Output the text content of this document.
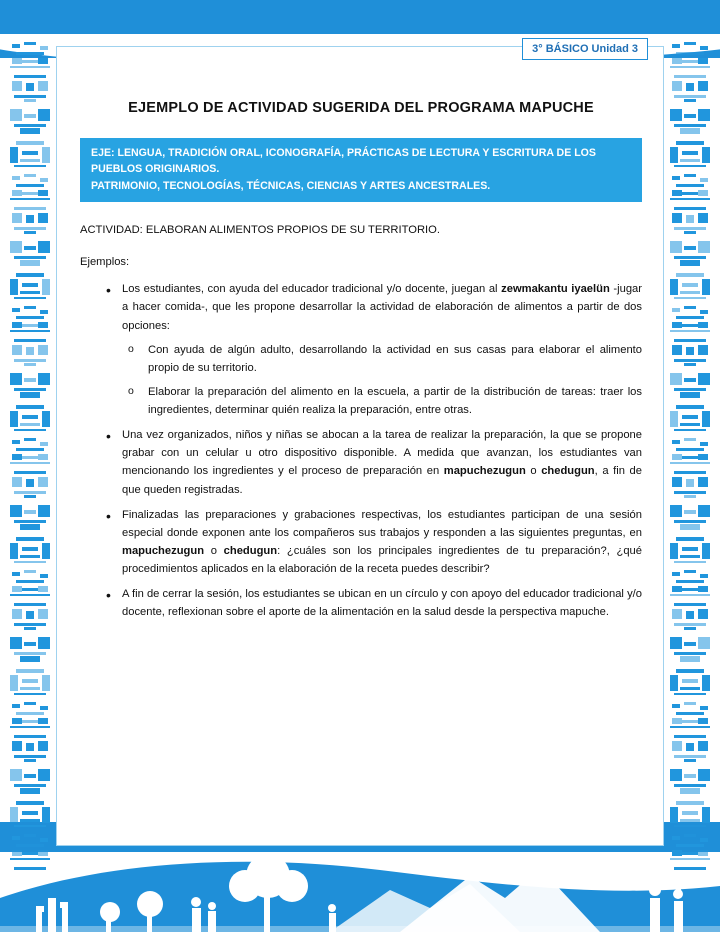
3° BÁSICO Unidad 3
EJEMPLO DE ACTIVIDAD SUGERIDA DEL PROGRAMA MAPUCHE

EJE: LENGUA, TRADICIÓN ORAL, ICONOGRAFÍA, PRÁCTICAS DE LECTURA Y ESCRITURA DE LOS PUEBLOS ORIGINARIOS.

PATRIMONIO, TECNOLOGÍAS, TÉCNICAS, CIENCIAS Y ARTES ANCESTRALES.

ACTIVIDAD: ELABORAN ALIMENTOS PROPIOS DE SU TERRITORIO.

Ejemplos:

• Los estudiantes, con ayuda del educador tradicional y/o docente, juegan al zewmakantu iyaelün -jugar a hacer comida-, que les propone desarrollar la actividad de elaboración de alimentos a partir de dos opciones:
o Con ayuda de algún adulto, desarrollando la actividad en sus casas para elaborar el alimento propio de su territorio.
o Elaborar la preparación del alimento en la escuela, a partir de la distribución de tareas: traer los ingredientes, determinar quién realiza la preparación, entre otras.
• Una vez organizados, niños y niñas se abocan a la tarea de realizar la preparación, la que se propone grabar con un celular u otro dispositivo disponible. A medida que avanzan, los estudiantes van mencionando los ingredientes y el proceso de preparación en mapuchezugun o chedugun, a fin de que queden registradas.
• Finalizadas las preparaciones y grabaciones respectivas, los estudiantes participan de una sesión especial donde exponen ante los compañeros sus trabajos y responden a las siguientes preguntas, en mapuchezugun o chedugun: ¿cuáles son los principales ingredientes de tu preparación?, ¿qué procedimientos aplicados en la elaboración de la receta puedes describir?
• A fin de cerrar la sesión, los estudiantes se ubican en un círculo y con apoyo del educador tradicional y/o docente, reflexionan sobre el aporte de la alimentación en la salud desde la perspectiva mapuche.
